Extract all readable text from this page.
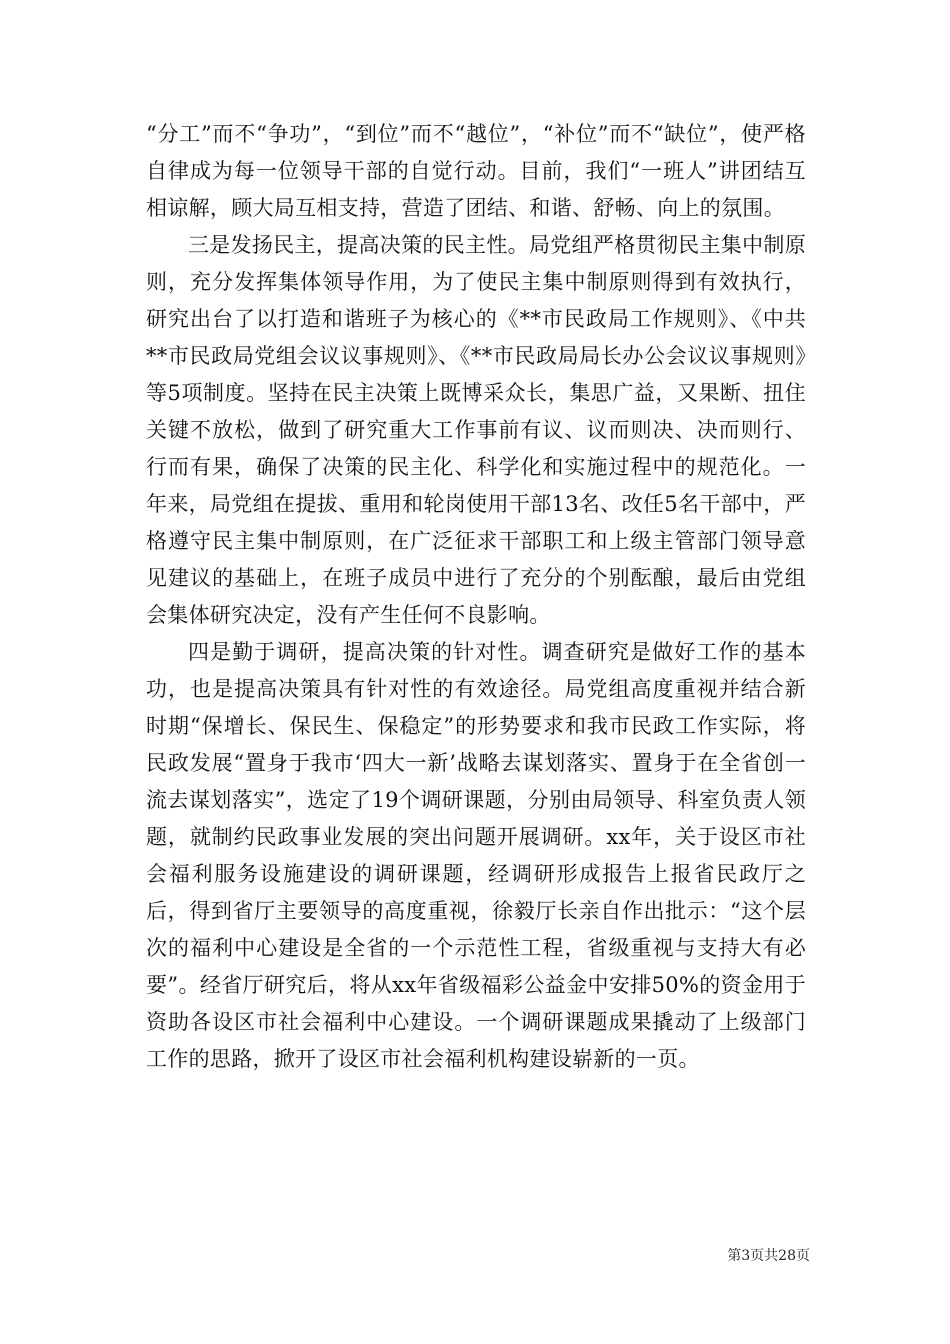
“分工”而不“争功”，“到位”而不“越位”，“补位”而不“缺位”，使严格自律成为每一位领导干部的自觉行动。目前，我们“一班人”讲团结互相谅解，顾大局互相支持，营造了团结、和谐、舒畅、向上的氛围。

三是发扬民主，提高决策的民主性。局党组严格贯彻民主集中制原则，充分发挥集体领导作用，为了使民主集中制原则得到有效执行，研究出台了以打造和谐班子为核心的《**市民政局工作规则》、《中共**市民政局党组会议议事规则》、《**市民政局局长办公会议议事规则》等5项制度。坚持在民主决策上既博采众长，集思广益，又果断、扭住关键不放松，做到了研究重大工作事前有议、议而则决、决而则行、行而有果，确保了决策的民主化、科学化和实施过程中的规范化。一年来，局党组在提拔、重用和轮岗使用干部13名、改任5名干部中，严格遵守民主集中制原则，在广泛征求干部职工和上级主管部门领导意见建议的基础上，在班子成员中进行了充分的个别酝酿，最后由党组会集体研究决定，没有产生任何不良影响。

四是勤于调研，提高决策的针对性。调查研究是做好工作的基本功，也是提高决策具有针对性的有效途径。局党组高度重视并结合新时期“保增长、保民生、保稳定”的形势要求和我市民政工作实际，将民政发展“置身于我市‘四大一新’战略去谋划落实、置身于在全省创一流去谋划落实”，选定了19个调研课题，分别由局领导、科室负责人领题，就制约民政事业发展的突出问题开展调研。xx年，关于设区市社会福利服务设施建设的调研课题，经调研形成报告上报省民政厅之后，得到省厅主要领导的高度重视，徐毅厅长亲自作出批示：“这个层次的福利中心建设是全省的一个示范性工程，省级重视与支持大有必要”。经省厅研究后，将从xx年省级福彩公益金中安排50%的资金用于资助各设区市社会福利中心建设。一个调研课题成果撬动了上级部门工作的思路，掀开了设区市社会福利机构建设崭新的一页。

第3页共28页
